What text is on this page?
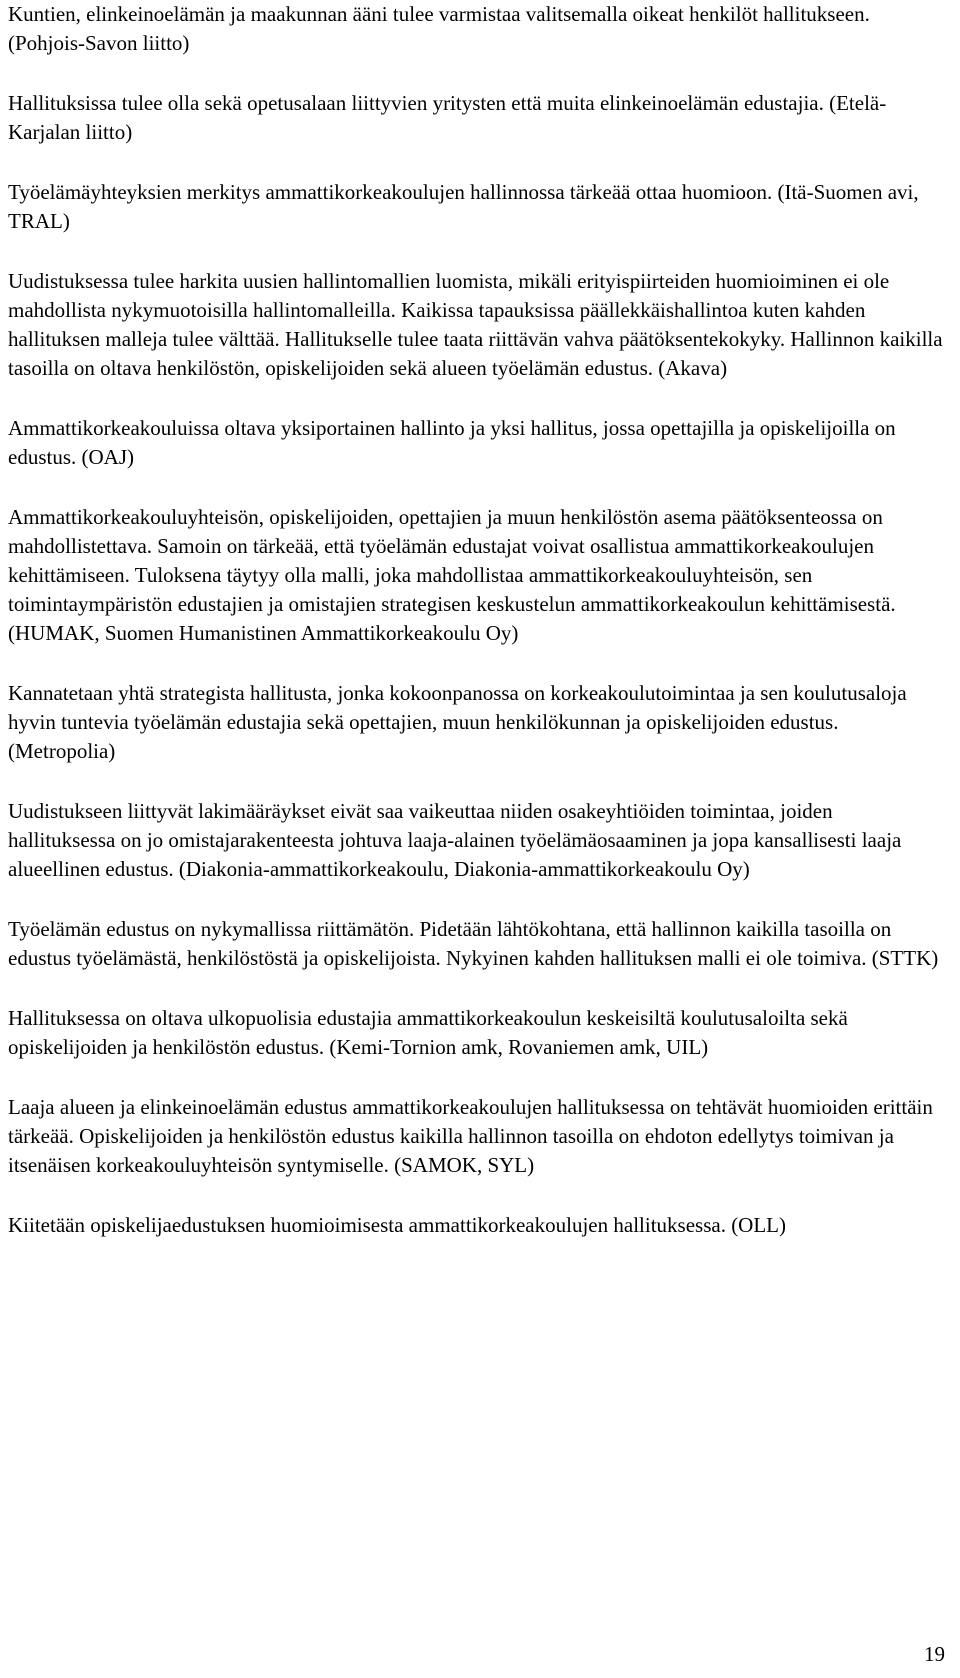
Kuntien, elinkeinoelämän ja maakunnan ääni tulee varmistaa valitsemalla oikeat henkilöt hallitukseen. (Pohjois-Savon liitto)

Hallituksissa tulee olla sekä opetusalaan liittyvien yritysten että muita elinkeinoelämän edustajia. (Etelä-Karjalan liitto)

Työelämäyhteyksien merkitys ammattikorkeakoulujen hallinnossa tärkeää ottaa huomioon. (Itä-Suomen avi, TRAL)

Uudistuksessa tulee harkita uusien hallintomallien luomista, mikäli erityispiirteiden huomioiminen ei ole mahdollista nykymuotoisilla hallintomalleilla. Kaikissa tapauksissa päällekkäishallintoa kuten kahden hallituksen malleja tulee välttää. Hallitukselle tulee taata riittävän vahva päätöksentekokyky. Hallinnon kaikilla tasoilla on oltava henkilöstön, opiskelijoiden sekä alueen työelämän edustus. (Akava)

Ammattikorkeakouluissa oltava yksiportainen hallinto ja yksi hallitus, jossa opettajilla ja opiskelijoilla on edustus. (OAJ)

Ammattikorkeakouluyhteisön, opiskelijoiden, opettajien ja muun henkilöstön asema päätöksenteossa on mahdollistettava. Samoin on tärkeää, että työelämän edustajat voivat osallistua ammattikorkeakoulujen kehittämiseen. Tuloksena täytyy olla malli, joka mahdollistaa ammattikorkeakouluyhteisön, sen toimintaympäristön edustajien ja omistajien strategisen keskustelun ammattikorkeakoulun kehittämisestä. (HUMAK, Suomen Humanistinen Ammattikorkeakoulu Oy)

Kannatetaan yhtä strategista hallitusta, jonka kokoonpanossa on korkeakoulutoimintaa ja sen koulutusaloja hyvin tuntevia työelämän edustajia sekä opettajien, muun henkilökunnan ja opiskelijoiden edustus. (Metropolia)

Uudistukseen liittyvät lakimääräykset eivät saa vaikeuttaa niiden osakeyhtiöiden toimintaa, joiden hallituksessa on jo omistajarakenteesta johtuva laaja-alainen työelämäosaaminen ja jopa kansallisesti laaja alueellinen edustus. (Diakonia-ammattikorkeakoulu, Diakonia-ammattikorkeakoulu Oy)

Työelämän edustus on nykymallissa riittämätön. Pidetään lähtökohtana, että hallinnon kaikilla tasoilla on edustus työelämästä, henkilöstöstä ja opiskelijoista. Nykyinen kahden hallituksen malli ei ole toimiva. (STTK)

Hallituksessa on oltava ulkopuolisia edustajia ammattikorkeakoulun keskeisiltä koulutusaloilta sekä opiskelijoiden ja henkilöstön edustus. (Kemi-Tornion amk, Rovaniemen amk, UIL)

Laaja alueen ja elinkeinoelämän edustus ammattikorkeakoulujen hallituksessa on tehtävät huomioiden erittäin tärkeää. Opiskelijoiden ja henkilöstön edustus kaikilla hallinnon tasoilla on ehdoton edellytys toimivan ja itsenäisen korkeakouluyhteisön syntymiselle. (SAMOK, SYL)

Kiitetään opiskelijaedustuksen huomioimisesta ammattikorkeakoulujen hallituksessa. (OLL)

19
